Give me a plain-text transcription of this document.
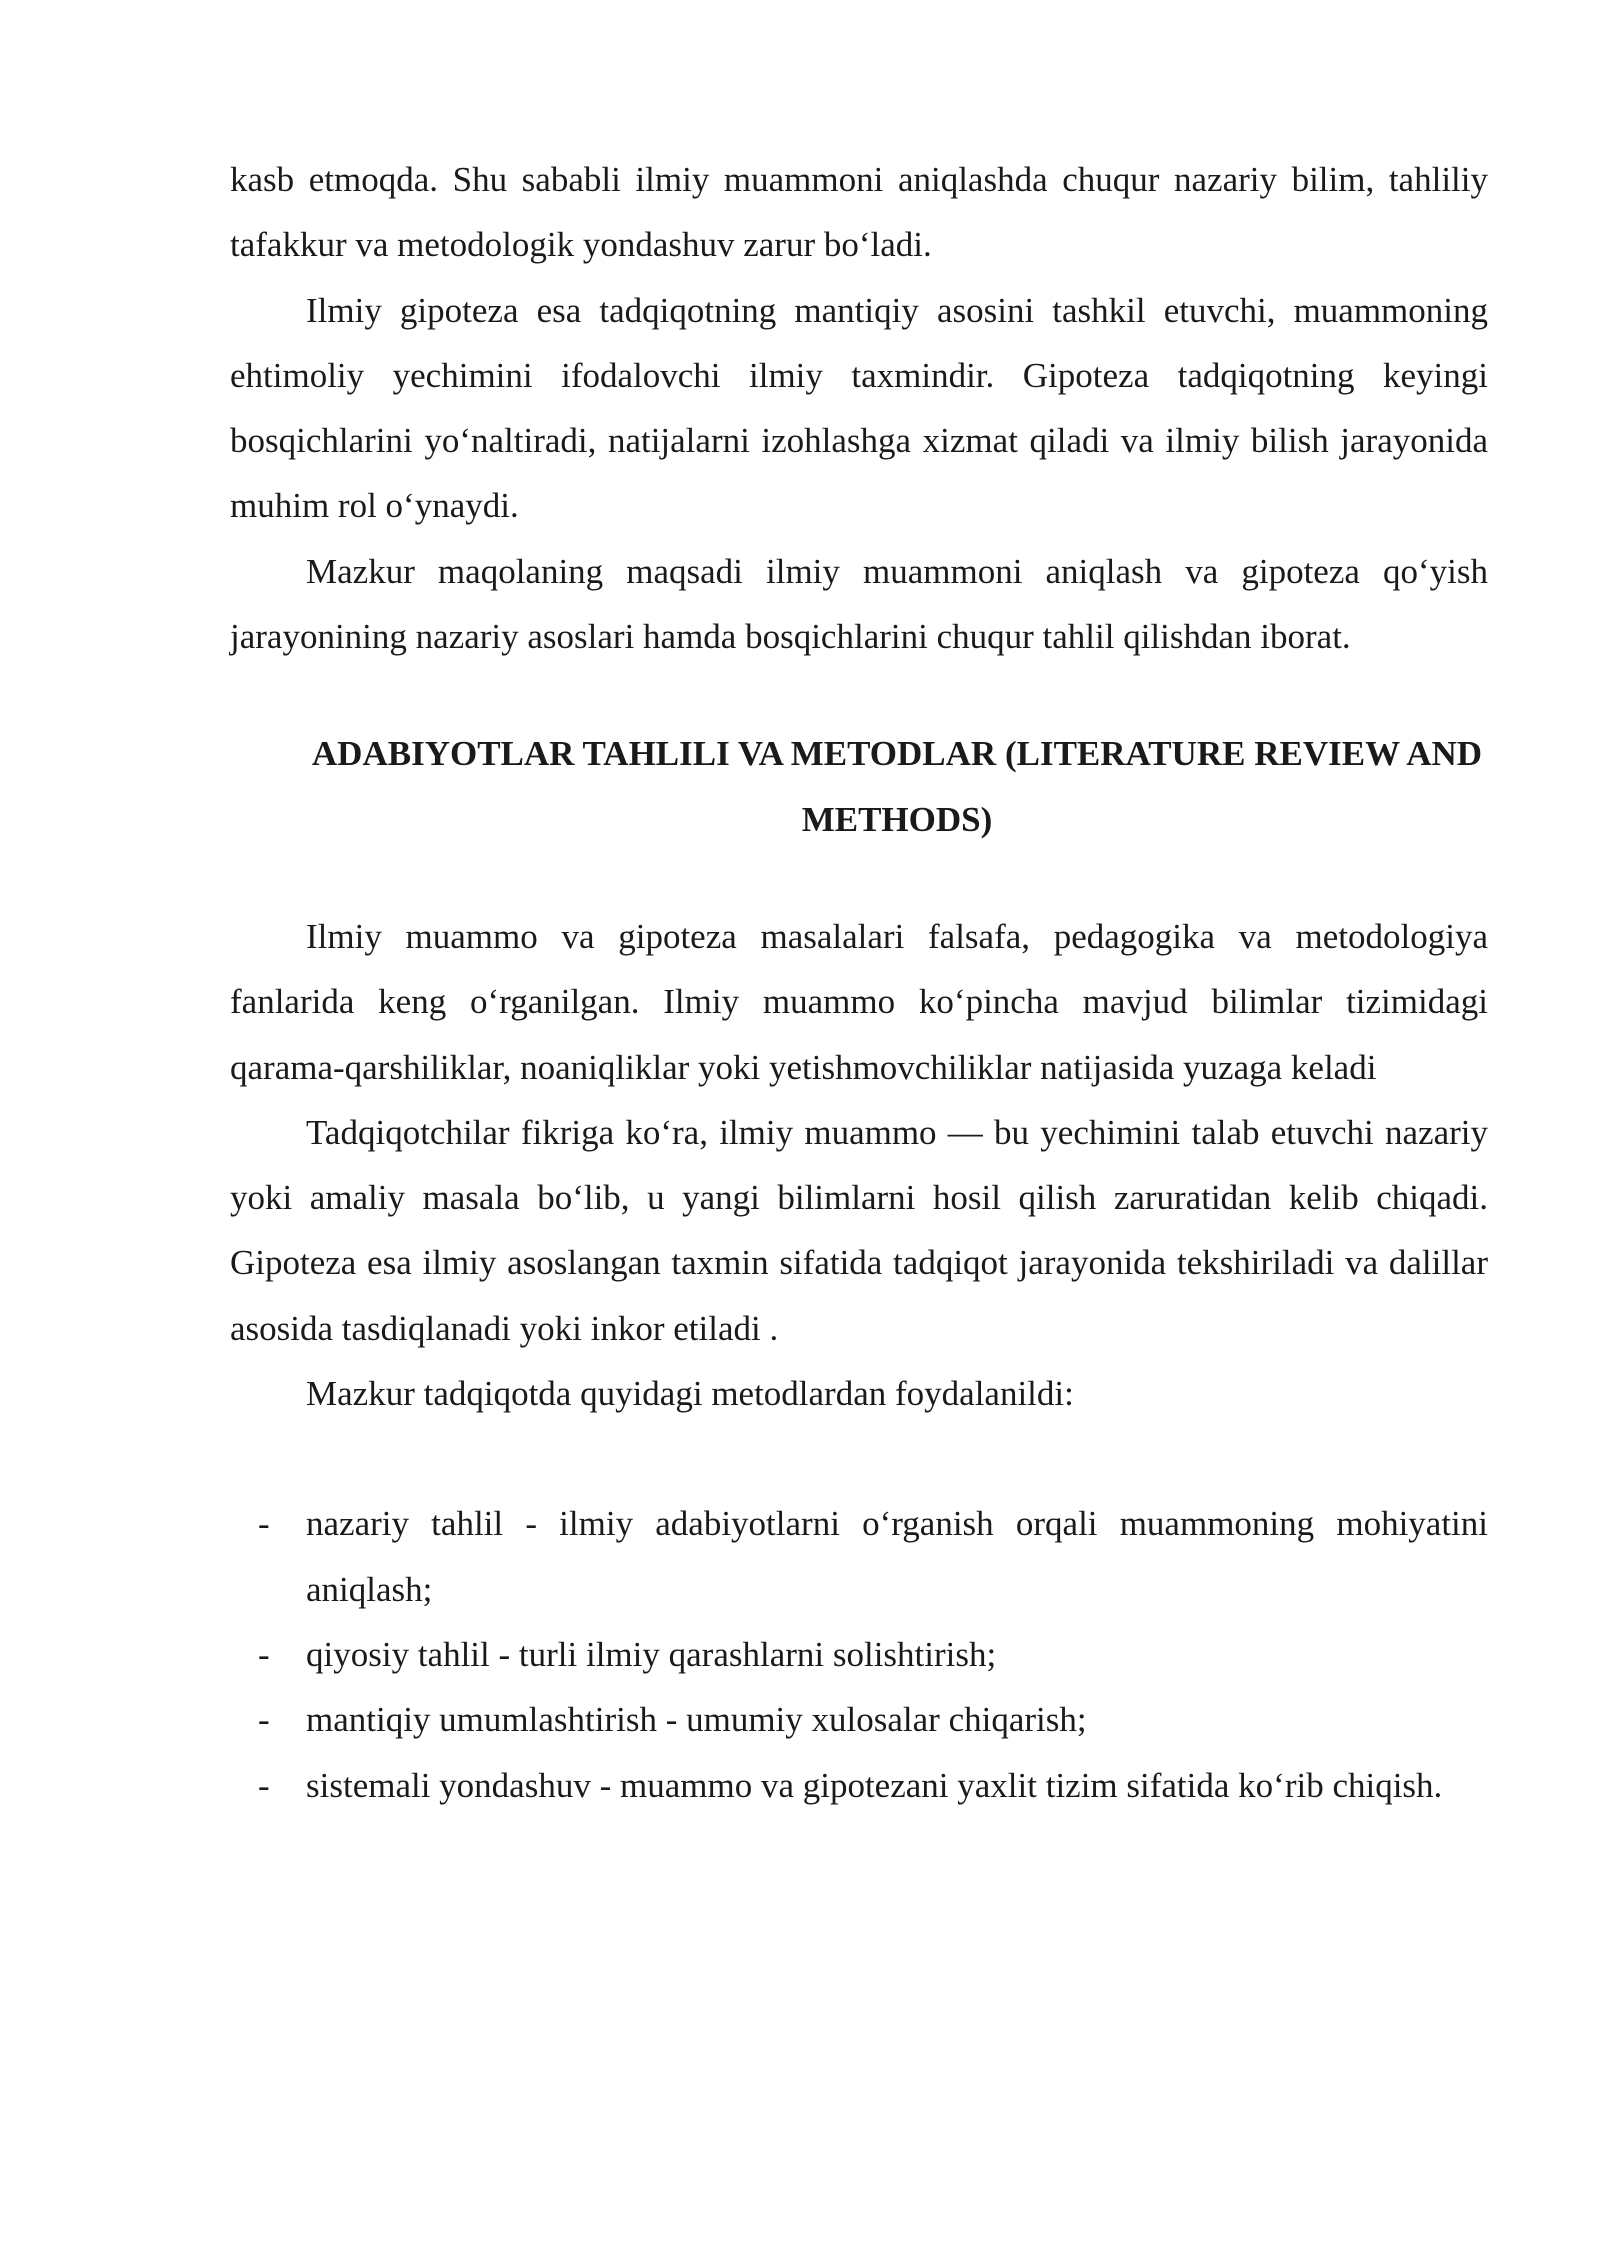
kasb etmoqda. Shu sababli ilmiy muammoni aniqlashda chuqur nazariy bilim, tahliliy tafakkur va metodologik yondashuv zarur bo‘ladi.

Ilmiy gipoteza esa tadqiqotning mantiqiy asosini tashkil etuvchi, muammoning ehtimoliy yechimini ifodalovchi ilmiy taxmindir. Gipoteza tadqiqotning keyingi bosqichlarini yo‘naltiradi, natijalarni izohlashga xizmat qiladi va ilmiy bilish jarayonida muhim rol o‘ynaydi.

Mazkur maqolaning maqsadi ilmiy muammoni aniqlash va gipoteza qo‘yish jarayonining nazariy asoslari hamda bosqichlarini chuqur tahlil qilishdan iborat.

ADABIYOTLAR TAHLILI VA METODLAR (LITERATURE REVIEW AND METHODS)

Ilmiy muammo va gipoteza masalalari falsafa, pedagogika va metodologiya fanlarida keng o‘rganilgan. Ilmiy muammo ko‘pincha mavjud bilimlar tizimidagi qarama-qarshiliklar, noaniqliklar yoki yetishmovchiliklar natijasida yuzaga keladi

Tadqiqotchilar fikriga ko‘ra, ilmiy muammo — bu yechimini talab etuvchi nazariy yoki amaliy masala bo‘lib, u yangi bilimlarni hosil qilish zaruratidan kelib chiqadi. Gipoteza esa ilmiy asoslangan taxmin sifatida tadqiqot jarayonida tekshiriladi va dalillar asosida tasdiqlanadi yoki inkor etiladi .

Mazkur tadqiqotda quyidagi metodlardan foydalanildi:

- nazariy tahlil - ilmiy adabiyotlarni o‘rganish orqali muammoning mohiyatini aniqlash;
- qiyosiy tahlil - turli ilmiy qarashlarni solishtirish;
- mantiqiy umumlashtirish - umumiy xulosalar chiqarish;
- sistemali yondashuv - muammo va gipotezani yaxlit tizim sifatida ko‘rib chiqish.
